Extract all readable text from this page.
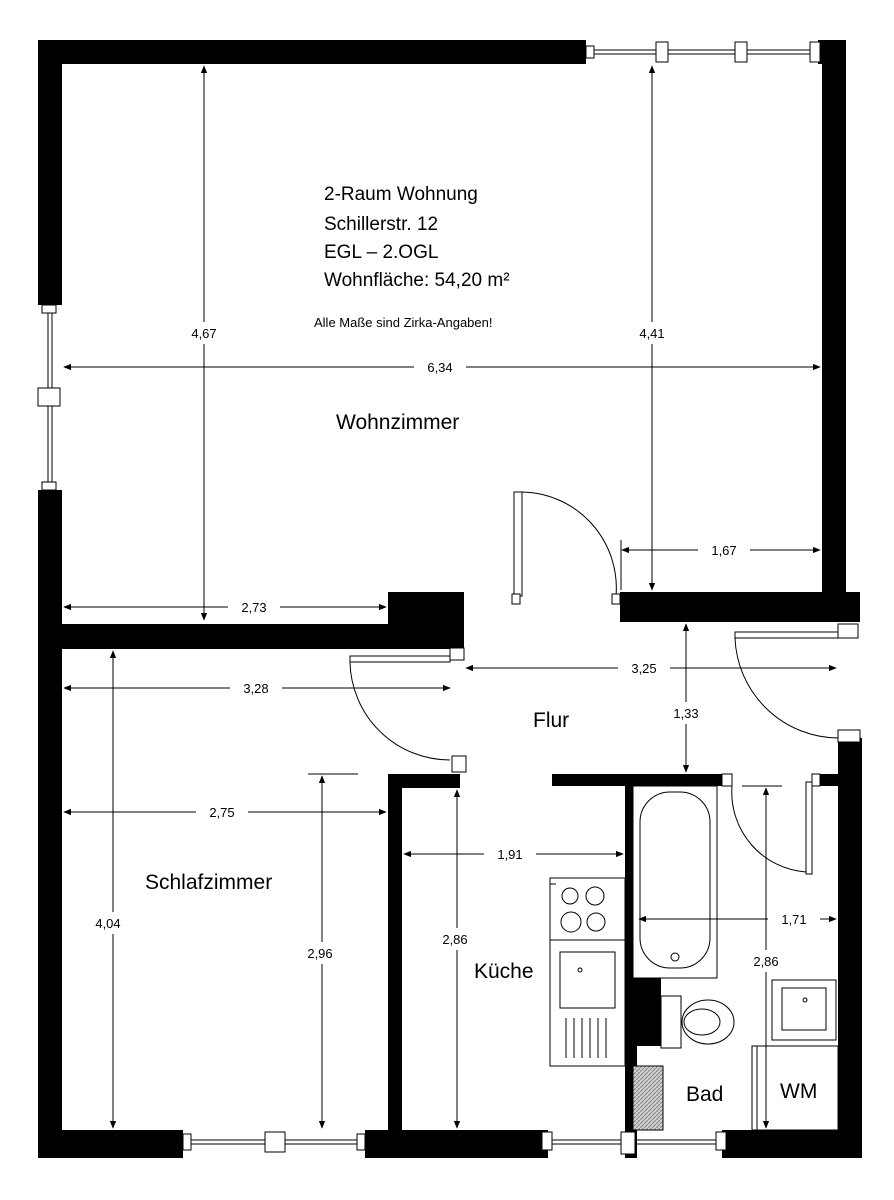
4,67	4,41
6,34
1,67
2,73
3,25
1,33
3,28
2,75
4,04
2,96
1,91
2,86
1,71
2,86
2-Raum Wohnung
Schillerstr. 12
EGL – 2.OGL
Wohnfläche: 54,20 m²
Alle Maße sind Zirka-Angaben!
Wohnzimmer
Flur
Schlafzimmer
Küche
Bad	WM
